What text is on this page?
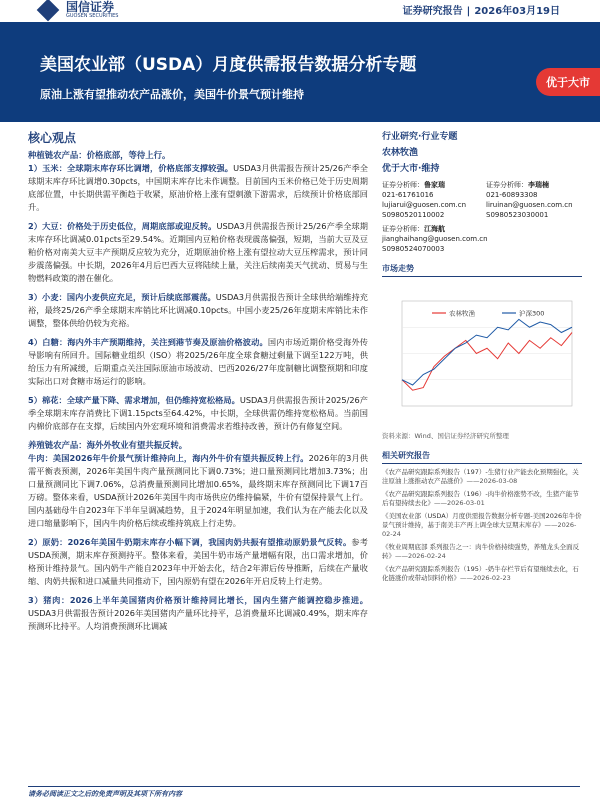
国信证券
GUOSEN SECURITIES	证券研究报告 | 2026年03月19日
美国农业部（USDA）月度供需报告数据分析专题
原油上涨有望推动农产品涨价，美国牛价景气预计维持
优于大市
核心观点
种植链农产品：价格底部，等待上行。

1）玉米：全球期末库存环比调增，价格底部支撑较强。USDA3月供需报告预计25/26产季全球期末库存环比调增0.30pcts，中国期末库存比未作调整。目前国内玉米价格已处于历史周期底部位置，中长期供需平衡趋于收紧，原油价格上涨有望刺激下游需求，后续预计价格底部回升。

2）大豆：价格处于历史低位，周期底部或迎反转。USDA3月供需报告预计25/26产季全球期末库存环比调减0.01pcts至29.54%。近期国内豆粕价格表现震荡偏强，短期，当前大豆及豆粕价格对南美大豆丰产预期反应较为充分，近期原油价格上涨有望拉动大豆压榨需求，预计同步震荡偏强。中长期，2026年4月后巴西大豆将陆续上量，关注后续南美天气扰动、贸易与生物燃料政策的潜在催化。

3）小麦：国内小麦供应充足，预计后续底部震荡。USDA3月供需报告预计全球供给端维持充裕，最终25/26产季全球期末库销比环比调减0.10pcts。中国小麦25/26年度期末库销比未作调整，整体供给仍较为充裕。

4）白糖：海内外丰产预期维持，关注到港节奏及原油价格波动。国内市场近期价格受海外传导影响有所回升。国际糖业组织（ISO）将2025/26年度全球食糖过剩量下调至122万吨，供给压力有所减缓，后期重点关注国际原油市场波动、巴西2026/27年度制糖比调整预期和印度实际出口对食糖市场运行的影响。

5）棉花：全球产量下降、需求增加，但仍维持宽松格局。USDA3月供需报告预计2025/26产季全球期末库存消费比下调1.15pcts至64.42%，中长期，全球供需仍维持宽松格局。当前国内棉价底部存在支撑，后续国内外宏观环境和消费需求若维持改善，预计仍有修复空间。

养殖链农产品：海外外牧业有望共振反转。

牛肉：美国2026年牛价景气预计维持向上，海内外牛价有望共振反转上行。2026年的3月供需平衡表预测，2026年美国牛肉产量预测同比下调0.73%；进口量预测同比增加3.73%；出口量预测同比下调7.06%，总消费量预测同比增加0.65%，最终期末库存预测同比下调17百万磅。整体来看，USDA预计2026年美国牛肉市场供应仍维持偏紧，牛价有望保持景气上行。国内基础母牛自2023年下半年呈调减趋势，且于2024年明显加速，我们认为在产能去化以及进口缩量影响下，国内牛肉价格后续或维持筑底上行走势。

2）原奶：2026年美国牛奶期末库存小幅下调，我国肉奶共振有望推动原奶景气反转。参考USDA预测，期末库存预测持平。整体来看，美国牛奶市场产量增幅有限，出口需求增加，价格预计维持景气。国内奶牛产能自2023年中开始去化，结合2年滞后传导推断，后续在产量收缩、肉奶共振和进口减量共同推动下，国内原奶有望在2026年开启反转上行走势。

3）猪肉：2026上半年美国猪肉价格预计维持同比增长，国内生猪产能调控稳步推进。USDA3月供需报告预计2026年美国猪肉产量环比持平，总消费量环比调减0.49%，期末库存预测环比持平。人均消费预测环比调减

行业研究·行业专题
农林牧渔
优于大市·维持
证券分析师：鲁家瑞
021-61761016
lujiarui@guosen.com.cn
S0980520110002
证券分析师：李瑞楠
021-60893308
liruinan@guosen.com.cn
S0980523030001
证券分析师：江海航
jianghaihang@guosen.com.cn
S0980524070003
市场走势
农林牧渔	沪深300
资料来源：Wind、国信证券经济研究所整理
相关研究报告
《农产品研究跟踪系列报告（197）-生猪行业产能去化预期强化，关注原油上涨推动农产品涨价》——2026-03-08
《农产品研究跟踪系列报告（196）-肉牛价格涨势不改，生猪产能节后有望持续去化》——2026-03-01
《美国农业部（USDA）月度供需报告数据分析专题-美国2026年牛价景气预计维持，基于南美丰产再上调全球大豆期末库存》——2026-02-24
《牧业周期底部 系列报告之一：肉牛价格持续强势，养殖龙头全面反转》——2026-02-24
《农产品研究跟踪系列报告（195）-奶牛存栏节后有望继续去化，石化链涨价或带动饲料价格》——2026-02-23
请务必阅读正文之后的免责声明及其项下所有内容
